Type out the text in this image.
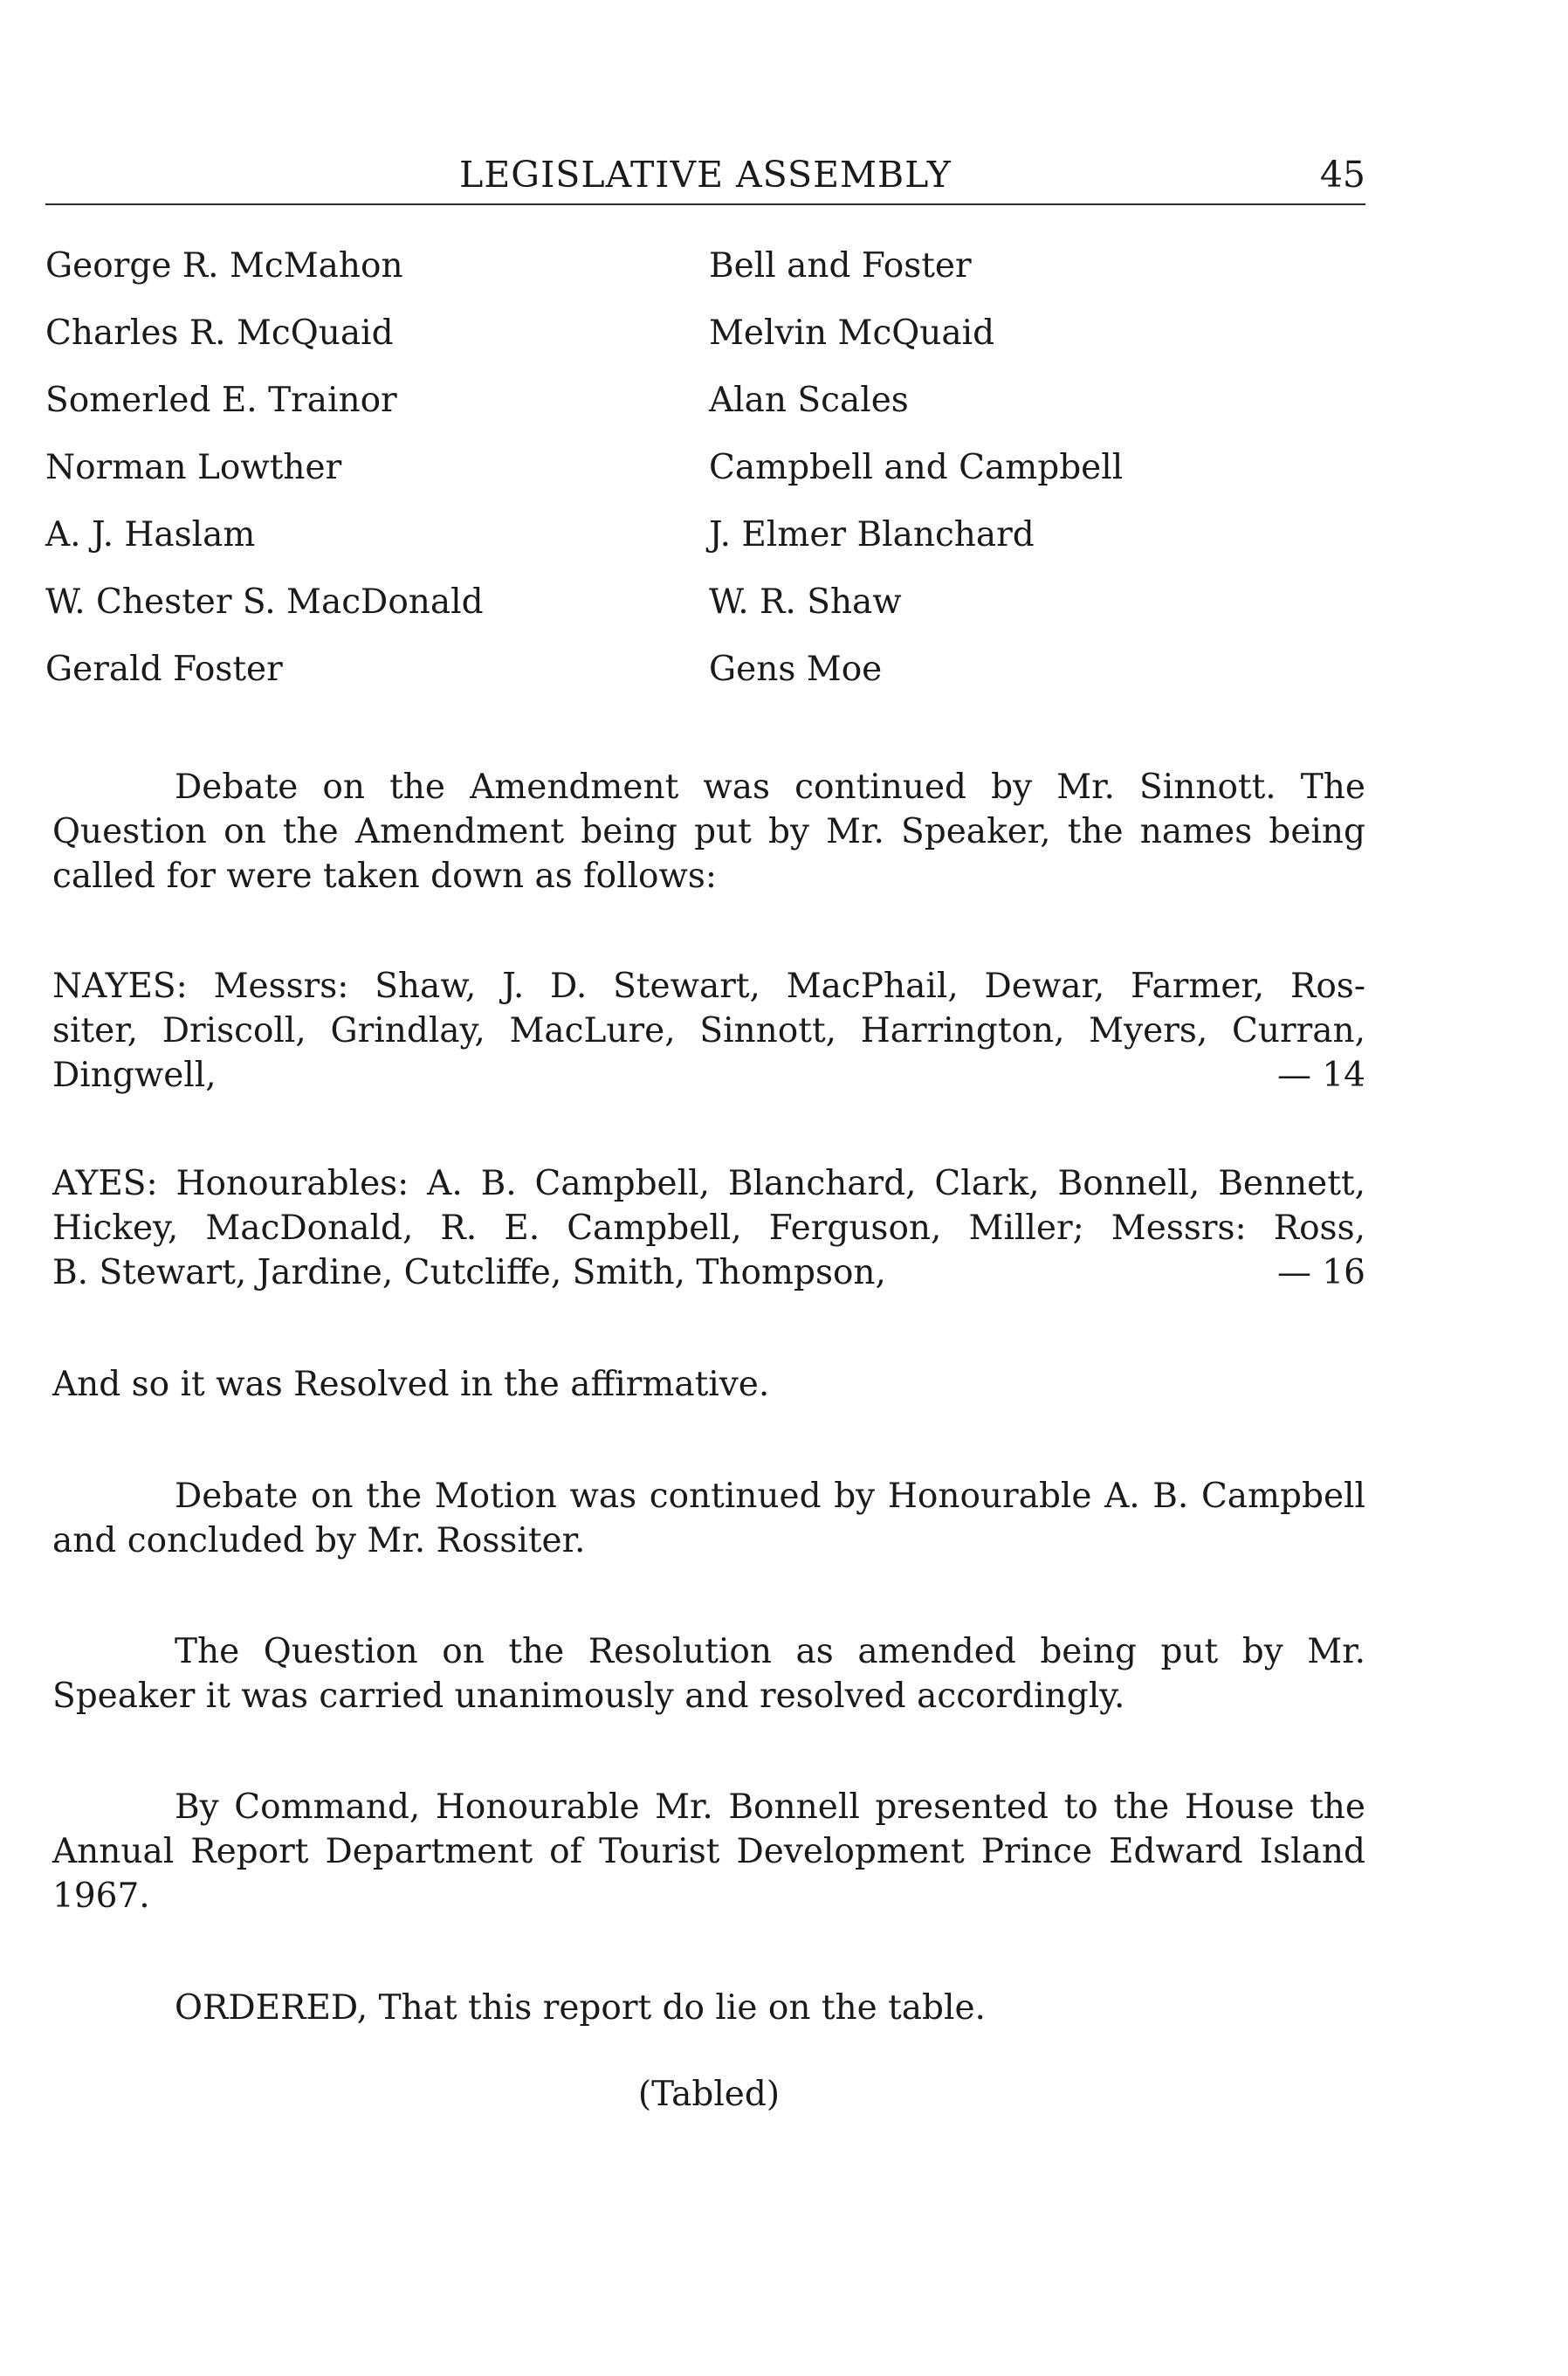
LEGISLATIVE ASSEMBLY	45
George R. McMahon	Bell and Foster
Charles R. McQuaid	Melvin McQuaid
Somerled E. Trainor	Alan Scales
Norman Lowther	Campbell and Campbell
A. J. Haslam	J. Elmer Blanchard
W. Chester S. MacDonald	W. R. Shaw
Gerald Foster	Gens Moe

Debate on the Amendment was continued by Mr. Sinnott. The Question on the Amendment being put by Mr. Speaker, the names being called for were taken down as follows:

NAYES: Messrs: Shaw, J. D. Stewart, MacPhail, Dewar, Farmer, Ros-
siter, Driscoll, Grindlay, MacLure, Sinnott, Harrington, Myers, Curran,
Dingwell,	— 14
AYES: Honourables: A. B. Campbell, Blanchard, Clark, Bonnell, Bennett,
Hickey, MacDonald, R. E. Campbell, Ferguson, Miller; Messrs: Ross,
B. Stewart, Jardine, Cutcliffe, Smith, Thompson,	— 16

And so it was Resolved in the affirmative.

Debate on the Motion was continued by Honourable A. B. Campbell and concluded by Mr. Rossiter.

The Question on the Resolution as amended being put by Mr. Speaker it was carried unanimously and resolved accordingly.

By Command, Honourable Mr. Bonnell presented to the House the Annual Report Department of Tourist Development Prince Edward Island 1967.

ORDERED, That this report do lie on the table.

(Tabled)
